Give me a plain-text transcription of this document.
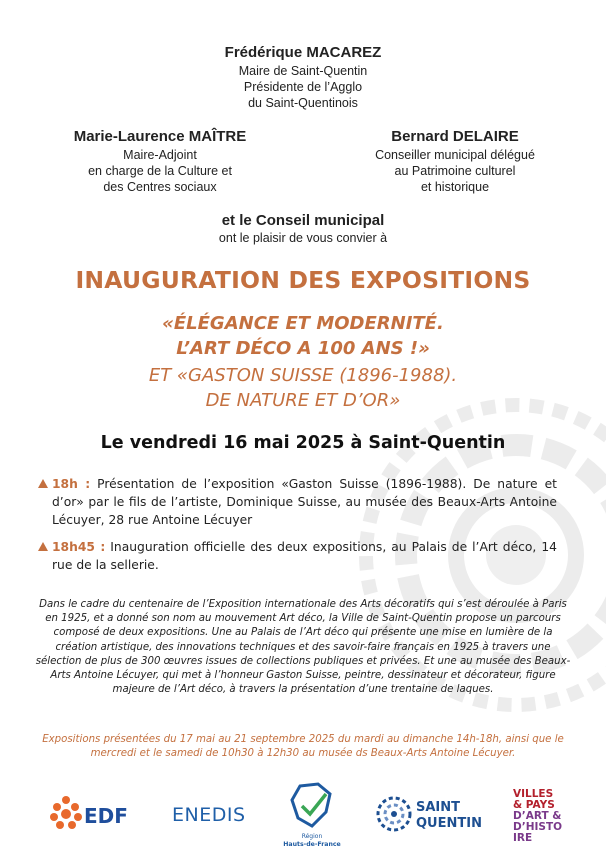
Frédérique MACAREZ
Maire de Saint-Quentin
Présidente de l’Agglo
du Saint-Quentinois
Marie-Laurence MAÎTRE
Maire-Adjoint
en charge de la Culture et
des Centres sociaux
Bernard DELAIRE
Conseiller municipal délégué
au Patrimoine culturel
et historique
et le Conseil municipal
ont le plaisir de vous convier à
INAUGURATION DES EXPOSITIONS
«ÉLÉGANCE ET MODERNITÉ.
L’ART DÉCO A 100 ANS !»
ET «GASTON SUISSE (1896-1988).
DE NATURE ET D’OR»
Le vendredi 16 mai 2025 à Saint-Quentin
18h : Présentation de l’exposition «Gaston Suisse (1896-1988). De nature et d’or» par le fils de l’artiste, Dominique Suisse, au musée des Beaux-Arts Antoine Lécuyer, 28 rue Antoine Lécuyer
18h45 : Inauguration officielle des deux expositions, au Palais de l’Art déco, 14 rue de la sellerie.
Dans le cadre du centenaire de l’Exposition internationale des Arts décoratifs qui s’est déroulée à Paris en 1925, et a donné son nom au mouvement Art déco, la Ville de Saint-Quentin propose un parcours composé de deux expositions. Une au Palais de l’Art déco qui présente une mise en lumière de la création artistique, des innovations techniques et des savoir-faire français en 1925 à travers une sélection de plus de 300 œuvres issues de collections publiques et privées. Et une au musée des Beaux-Arts Antoine Lécuyer, qui met à l’honneur Gaston Suisse, peintre, dessinateur et décorateur, figure majeure de l’Art déco, à travers la présentation d’une trentaine de laques.
Expositions présentées du 17 mai au 21 septembre 2025 du mardi au dimanche 14h-18h, ainsi que le mercredi et le samedi de 10h30 à 12h30 au musée ds Beaux-Arts Antoine Lécuyer.
EDF ENEDIS
Région
Hauts-de-France
SAINT
QUENTIN
VILLES
& PAYS
D’ART &
D’HISTO
IRE
